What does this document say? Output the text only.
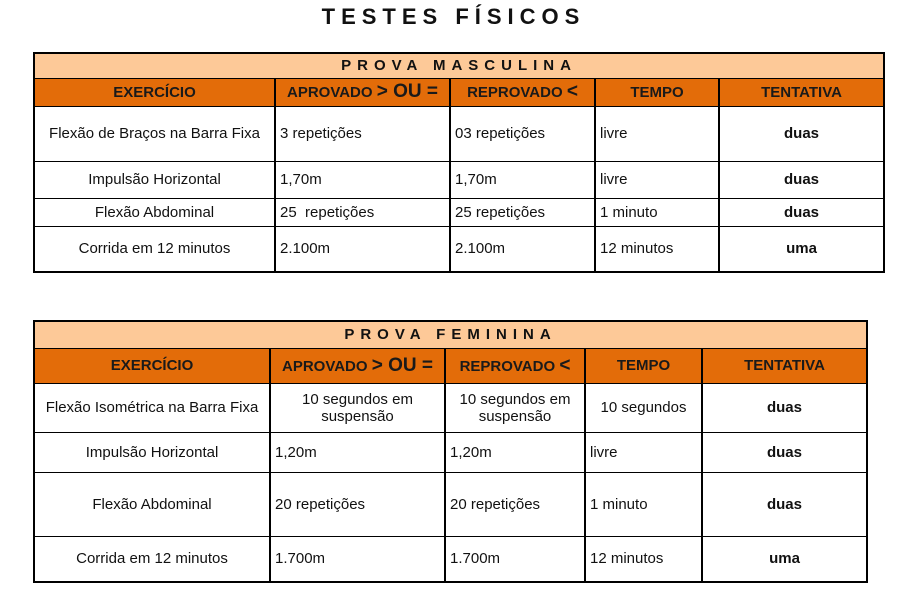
TESTES FÍSICOS
PROVA MASCULINA				
EXERCÍCIO	APROVADO > OU =	REPROVADO <	TEMPO	TENTATIVA
Flexão de Braços na Barra Fixa	3 repetições	03 repetições	livre	duas
Impulsão Horizontal	1,70m	1,70m	livre	duas
Flexão Abdominal	25  repetições	25 repetições	1 minuto	duas
Corrida em 12 minutos	2.100m	2.100m	12 minutos	uma
PROVA FEMININA				
EXERCÍCIO	APROVADO > OU =	REPROVADO <	TEMPO	TENTATIVA
Flexão Isométrica na Barra Fixa	10 segundos em suspensão	10 segundos em suspensão	10 segundos	duas
Impulsão Horizontal	1,20m	1,20m	livre	duas
Flexão Abdominal	20 repetições	20 repetições	1 minuto	duas
Corrida em 12 minutos	1.700m	1.700m	12 minutos	uma
